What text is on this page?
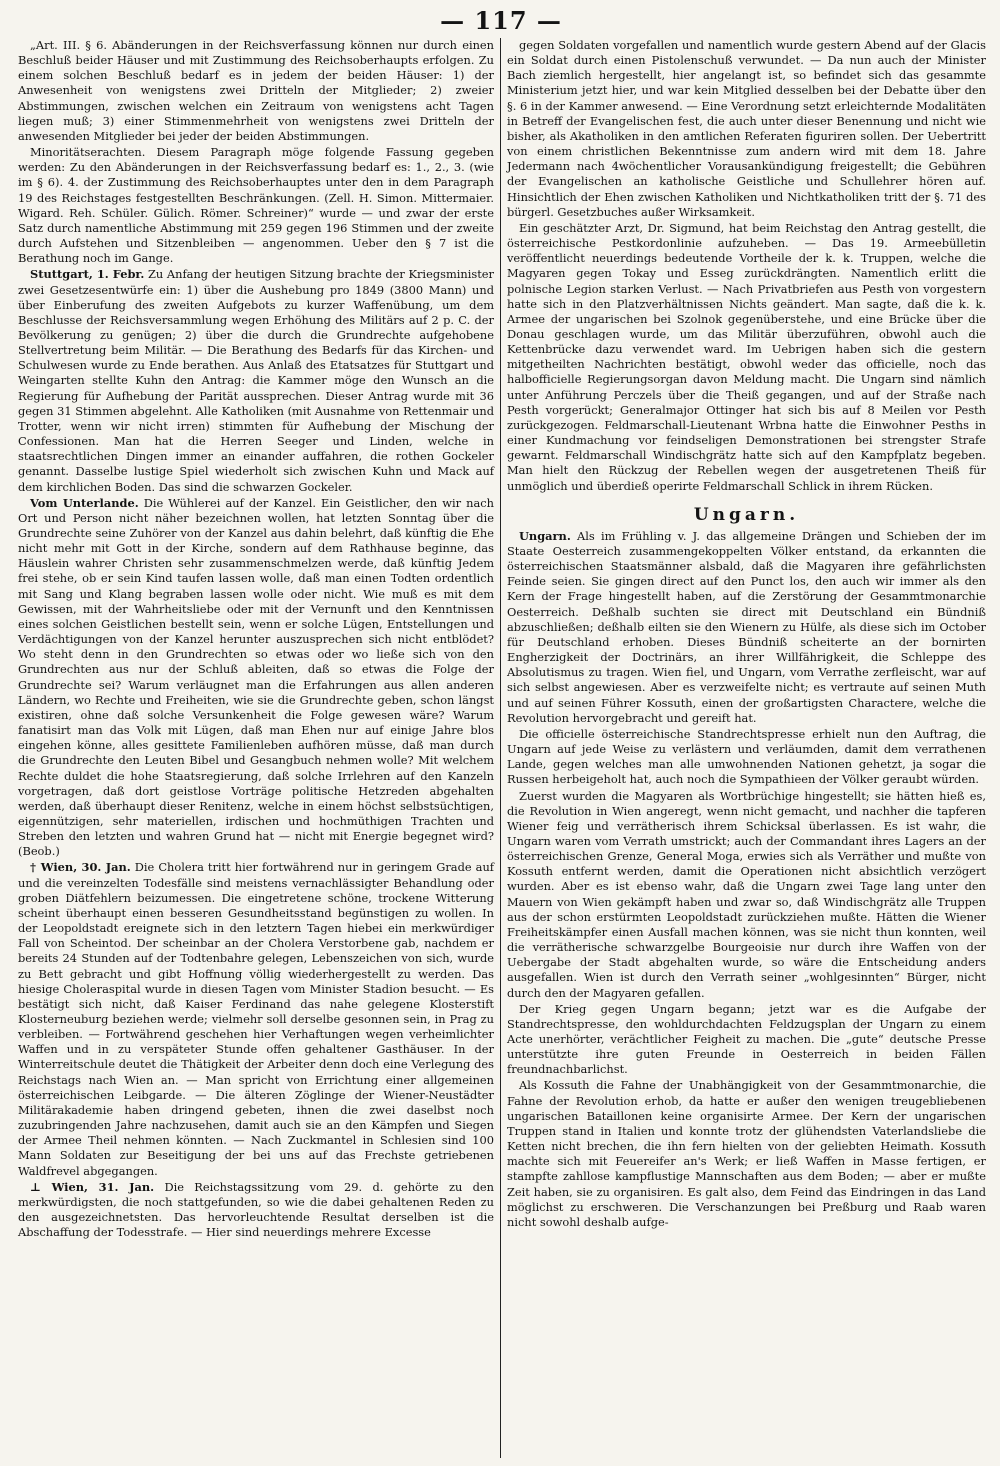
— 117 —

„Art. III. § 6. Abänderungen in der Reichsverfassung können nur durch einen Beschluß beider Häuser und mit Zustimmung des Reichsoberhaupts erfolgen. Zu einem solchen Beschluß bedarf es in jedem der beiden Häuser: 1) der Anwesenheit von wenigstens zwei Dritteln der Mitglieder; 2) zweier Abstimmungen, zwischen welchen ein Zeitraum von wenigstens acht Tagen liegen muß; 3) einer Stimmenmehrheit von wenigstens zwei Dritteln der anwesenden Mitglieder bei jeder der beiden Abstimmungen.

Minoritätserachten. Diesem Paragraph möge folgende Fassung gegeben werden: Zu den Abänderungen in der Reichsverfassung bedarf es: 1., 2., 3. (wie im § 6). 4. der Zustimmung des Reichsoberhauptes unter den in dem Paragraph 19 des Reichstages festgestellten Beschränkungen. (Zell. H. Simon. Mittermaier. Wigard. Reh. Schüler. Gülich. Römer. Schreiner)“ wurde — und zwar der erste Satz durch namentliche Abstimmung mit 259 gegen 196 Stimmen und der zweite durch Aufstehen und Sitzenbleiben — angenommen. Ueber den § 7 ist die Berathung noch im Gange.

Stuttgart, 1. Febr. Zu Anfang der heutigen Sitzung brachte der Kriegsminister zwei Gesetzesentwürfe ein: 1) über die Aushebung pro 1849 (3800 Mann) und über Einberufung des zweiten Aufgebots zu kurzer Waffenübung, um dem Beschlusse der Reichsversammlung wegen Erhöhung des Militärs auf 2 p. C. der Bevölkerung zu genügen; 2) über die durch die Grundrechte aufgehobene Stellvertretung beim Militär. — Die Berathung des Bedarfs für das Kirchen- und Schulwesen wurde zu Ende berathen. Aus Anlaß des Etatsatzes für Stuttgart und Weingarten stellte Kuhn den Antrag: die Kammer möge den Wunsch an die Regierung für Aufhebung der Parität aussprechen. Dieser Antrag wurde mit 36 gegen 31 Stimmen abgelehnt. Alle Katholiken (mit Ausnahme von Rettenmair und Trotter, wenn wir nicht irren) stimmten für Aufhebung der Mischung der Confessionen. Man hat die Herren Seeger und Linden, welche in staatsrechtlichen Dingen immer an einander auffahren, die rothen Gockeler genannt. Dasselbe lustige Spiel wiederholt sich zwischen Kuhn und Mack auf dem kirchlichen Boden. Das sind die schwarzen Gockeler.

Vom Unterlande. Die Wühlerei auf der Kanzel. Ein Geistlicher, den wir nach Ort und Person nicht näher bezeichnen wollen, hat letzten Sonntag über die Grundrechte seine Zuhörer von der Kanzel aus dahin belehrt, daß künftig die Ehe nicht mehr mit Gott in der Kirche, sondern auf dem Rathhause beginne, das Häuslein wahrer Christen sehr zusammenschmelzen werde, daß künftig Jedem frei stehe, ob er sein Kind taufen lassen wolle, daß man einen Todten ordentlich mit Sang und Klang begraben lassen wolle oder nicht. Wie muß es mit dem Gewissen, mit der Wahrheitsliebe oder mit der Vernunft und den Kenntnissen eines solchen Geistlichen bestellt sein, wenn er solche Lügen, Entstellungen und Verdächtigungen von der Kanzel herunter auszusprechen sich nicht entblödet? Wo steht denn in den Grundrechten so etwas oder wo ließe sich von den Grundrechten aus nur der Schluß ableiten, daß so etwas die Folge der Grundrechte sei? Warum verläugnet man die Erfahrungen aus allen anderen Ländern, wo Rechte und Freiheiten, wie sie die Grundrechte geben, schon längst existiren, ohne daß solche Versunkenheit die Folge gewesen wäre? Warum fanatisirt man das Volk mit Lügen, daß man Ehen nur auf einige Jahre blos eingehen könne, alles gesittete Familienleben aufhören müsse, daß man durch die Grundrechte den Leuten Bibel und Gesangbuch nehmen wolle? Mit welchem Rechte duldet die hohe Staatsregierung, daß solche Irrlehren auf den Kanzeln vorgetragen, daß dort geistlose Vorträge politische Hetzreden abgehalten werden, daß überhaupt dieser Renitenz, welche in einem höchst selbstsüchtigen, eigennützigen, sehr materiellen, irdischen und hochmüthigen Trachten und Streben den letzten und wahren Grund hat — nicht mit Energie begegnet wird? (Beob.)

† Wien, 30. Jan. Die Cholera tritt hier fortwährend nur in geringem Grade auf und die vereinzelten Todesfälle sind meistens vernachlässigter Behandlung oder groben Diätfehlern beizumessen. Die eingetretene schöne, trockene Witterung scheint überhaupt einen besseren Gesundheitsstand begünstigen zu wollen. In der Leopoldstadt ereignete sich in den letztern Tagen hiebei ein merkwürdiger Fall von Scheintod. Der scheinbar an der Cholera Verstorbene gab, nachdem er bereits 24 Stunden auf der Todtenbahre gelegen, Lebenszeichen von sich, wurde zu Bett gebracht und gibt Hoffnung völlig wiederhergestellt zu werden. Das hiesige Choleraspital wurde in diesen Tagen vom Minister Stadion besucht. — Es bestätigt sich nicht, daß Kaiser Ferdinand das nahe gelegene Klosterstift Klosterneuburg beziehen werde; vielmehr soll derselbe gesonnen sein, in Prag zu verbleiben. — Fortwährend geschehen hier Verhaftungen wegen verheimlichter Waffen und in zu verspäteter Stunde offen gehaltener Gasthäuser. In der Winterreitschule deutet die Thätigkeit der Arbeiter denn doch eine Verlegung des Reichstags nach Wien an. — Man spricht von Errichtung einer allgemeinen österreichischen Leibgarde. — Die älteren Zöglinge der Wiener-Neustädter Militärakademie haben dringend gebeten, ihnen die zwei daselbst noch zuzubringenden Jahre nachzusehen, damit auch sie an den Kämpfen und Siegen der Armee Theil nehmen könnten. — Nach Zuckmantel in Schlesien sind 100 Mann Soldaten zur Beseitigung der bei uns auf das Frechste getriebenen Waldfrevel abgegangen.

⊥ Wien, 31. Jan. Die Reichstagssitzung vom 29. d. gehörte zu den merkwürdigsten, die noch stattgefunden, so wie die dabei gehaltenen Reden zu den ausgezeichnetsten. Das hervorleuchtende Resultat derselben ist die Abschaffung der Todesstrafe. — Hier sind neuerdings mehrere Excesse

gegen Soldaten vorgefallen und namentlich wurde gestern Abend auf der Glacis ein Soldat durch einen Pistolenschuß verwundet. — Da nun auch der Minister Bach ziemlich hergestellt, hier angelangt ist, so befindet sich das gesammte Ministerium jetzt hier, und war kein Mitglied desselben bei der Debatte über den §. 6 in der Kammer anwesend. — Eine Verordnung setzt erleichternde Modalitäten in Betreff der Evangelischen fest, die auch unter dieser Benennung und nicht wie bisher, als Akatholiken in den amtlichen Referaten figuriren sollen. Der Uebertritt von einem christlichen Bekenntnisse zum andern wird mit dem 18. Jahre Jedermann nach 4wöchentlicher Vorausankündigung freigestellt; die Gebühren der Evangelischen an katholische Geistliche und Schullehrer hören auf. Hinsichtlich der Ehen zwischen Katholiken und Nichtkatholiken tritt der §. 71 des bürgerl. Gesetzbuches außer Wirksamkeit.

Ein geschätzter Arzt, Dr. Sigmund, hat beim Reichstag den Antrag gestellt, die österreichische Pestkordonlinie aufzuheben. — Das 19. Armeebülletin veröffentlicht neuerdings bedeutende Vortheile der k. k. Truppen, welche die Magyaren gegen Tokay und Esseg zurückdrängten. Namentlich erlitt die polnische Legion starken Verlust. — Nach Privatbriefen aus Pesth von vorgestern hatte sich in den Platzverhältnissen Nichts geändert. Man sagte, daß die k. k. Armee der ungarischen bei Szolnok gegenüberstehe, und eine Brücke über die Donau geschlagen wurde, um das Militär überzuführen, obwohl auch die Kettenbrücke dazu verwendet ward. Im Uebrigen haben sich die gestern mitgetheilten Nachrichten bestätigt, obwohl weder das officielle, noch das halbofficielle Regierungsorgan davon Meldung macht. Die Ungarn sind nämlich unter Anführung Perczels über die Theiß gegangen, und auf der Straße nach Pesth vorgerückt; Generalmajor Ottinger hat sich bis auf 8 Meilen vor Pesth zurückgezogen. Feldmarschall-Lieutenant Wrbna hatte die Einwohner Pesths in einer Kundmachung vor feindseligen Demonstrationen bei strengster Strafe gewarnt. Feldmarschall Windischgrätz hatte sich auf den Kampfplatz begeben. Man hielt den Rückzug der Rebellen wegen der ausgetretenen Theiß für unmöglich und überdieß operirte Feldmarschall Schlick in ihrem Rücken.

Ungarn.

Ungarn. Als im Frühling v. J. das allgemeine Drängen und Schieben der im Staate Oesterreich zusammengekoppelten Völker entstand, da erkannten die österreichischen Staatsmänner alsbald, daß die Magyaren ihre gefährlichsten Feinde seien. Sie gingen direct auf den Punct los, den auch wir immer als den Kern der Frage hingestellt haben, auf die Zerstörung der Gesammtmonarchie Oesterreich. Deßhalb suchten sie direct mit Deutschland ein Bündniß abzuschließen; deßhalb eilten sie den Wienern zu Hülfe, als diese sich im October für Deutschland erhoben. Dieses Bündniß scheiterte an der bornirten Engherzigkeit der Doctrinärs, an ihrer Willfährigkeit, die Schleppe des Absolutismus zu tragen. Wien fiel, und Ungarn, vom Verrathe zerfleischt, war auf sich selbst angewiesen. Aber es verzweifelte nicht; es vertraute auf seinen Muth und auf seinen Führer Kossuth, einen der großartigsten Charactere, welche die Revolution hervorgebracht und gereift hat.

Die officielle österreichische Standrechtspresse erhielt nun den Auftrag, die Ungarn auf jede Weise zu verlästern und verläumden, damit dem verrathenen Lande, gegen welches man alle umwohnenden Nationen gehetzt, ja sogar die Russen herbeigeholt hat, auch noch die Sympathieen der Völker geraubt würden.

Zuerst wurden die Magyaren als Wortbrüchige hingestellt; sie hätten hieß es, die Revolution in Wien angeregt, wenn nicht gemacht, und nachher die tapferen Wiener feig und verrätherisch ihrem Schicksal überlassen. Es ist wahr, die Ungarn waren vom Verrath umstrickt; auch der Commandant ihres Lagers an der österreichischen Grenze, General Moga, erwies sich als Verräther und mußte von Kossuth entfernt werden, damit die Operationen nicht absichtlich verzögert wurden. Aber es ist ebenso wahr, daß die Ungarn zwei Tage lang unter den Mauern von Wien gekämpft haben und zwar so, daß Windischgrätz alle Truppen aus der schon erstürmten Leopoldstadt zurückziehen mußte. Hätten die Wiener Freiheitskämpfer einen Ausfall machen können, was sie nicht thun konnten, weil die verrätherische schwarzgelbe Bourgeoisie nur durch ihre Waffen von der Uebergabe der Stadt abgehalten wurde, so wäre die Entscheidung anders ausgefallen. Wien ist durch den Verrath seiner „wohlgesinnten“ Bürger, nicht durch den der Magyaren gefallen.

Der Krieg gegen Ungarn begann; jetzt war es die Aufgabe der Standrechtspresse, den wohldurchdachten Feldzugsplan der Ungarn zu einem Acte unerhörter, verächtlicher Feigheit zu machen. Die „gute“ deutsche Presse unterstützte ihre guten Freunde in Oesterreich in beiden Fällen freundnachbarlichst.

Als Kossuth die Fahne der Unabhängigkeit von der Gesammtmonarchie, die Fahne der Revolution erhob, da hatte er außer den wenigen treugebliebenen ungarischen Bataillonen keine organisirte Armee. Der Kern der ungarischen Truppen stand in Italien und konnte trotz der glühendsten Vaterlandsliebe die Ketten nicht brechen, die ihn fern hielten von der geliebten Heimath. Kossuth machte sich mit Feuereifer an's Werk; er ließ Waffen in Masse fertigen, er stampfte zahllose kampflustige Mannschaften aus dem Boden; — aber er mußte Zeit haben, sie zu organisiren. Es galt also, dem Feind das Eindringen in das Land möglichst zu erschweren. Die Verschanzungen bei Preßburg und Raab waren nicht sowohl deshalb aufge-
